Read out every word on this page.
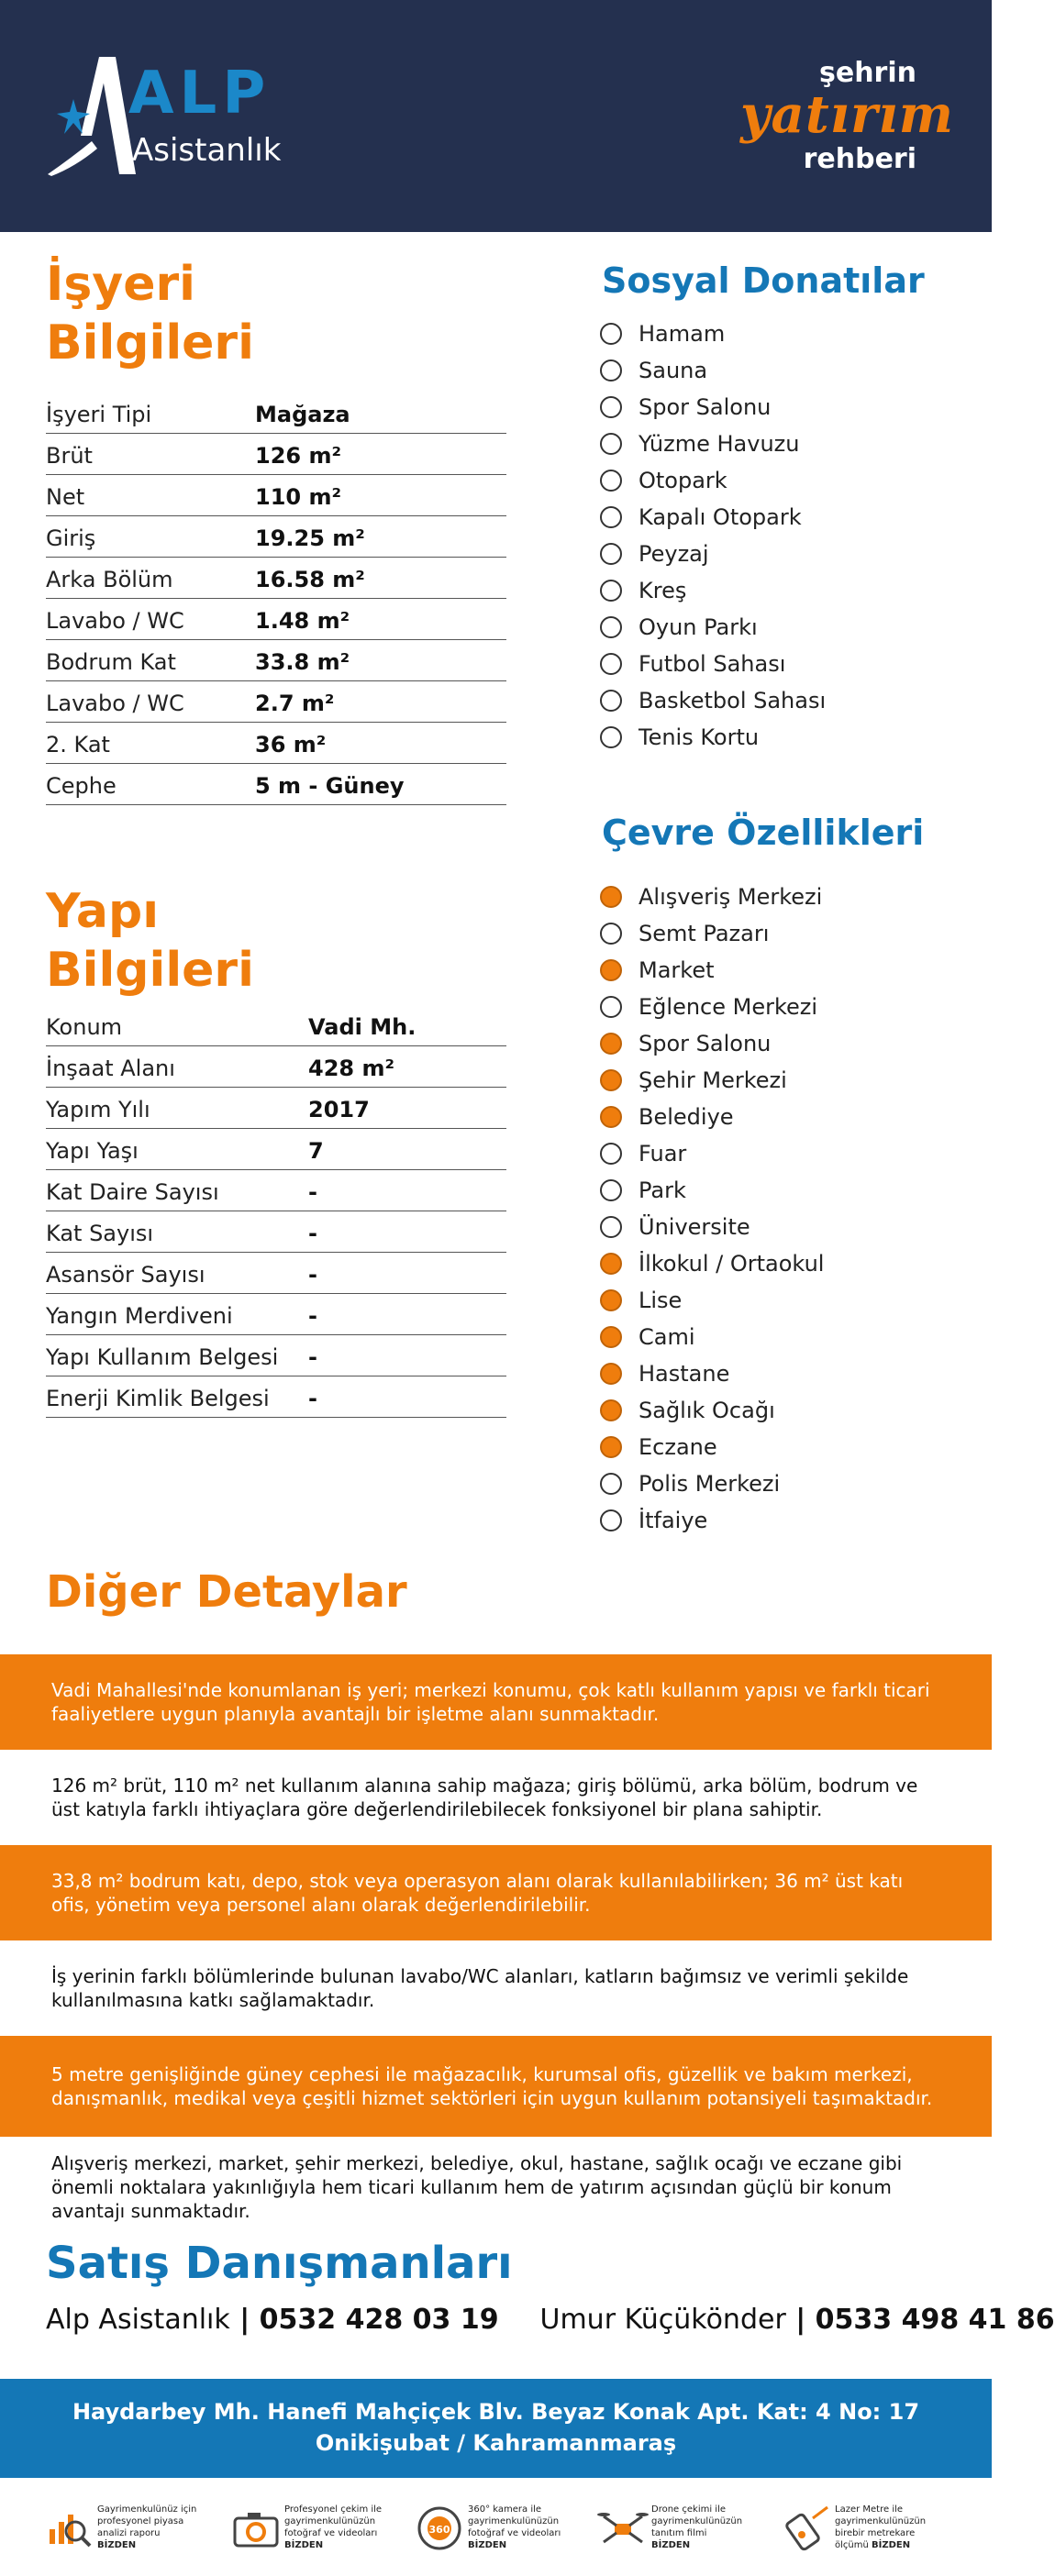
ALP
Asistanlık
şehrin
yatırım
rehberi
İşyeri
Bilgileri
İşyeri Tipi	Mağaza
Brüt	126 m²
Net	110 m²
Giriş	19.25 m²
Arka Bölüm	16.58 m²
Lavabo / WC	1.48 m²
Bodrum Kat	33.8 m²
Lavabo / WC	2.7 m²
2. Kat	36 m²
Cephe	5 m - Güney
Yapı
Bilgileri
Konum	Vadi Mh.
İnşaat Alanı	428 m²
Yapım Yılı	2017
Yapı Yaşı	7
Kat Daire Sayısı	-
Kat Sayısı	-
Asansör Sayısı	-
Yangın Merdiveni	-
Yapı Kullanım Belgesi -
Enerji Kimlik Belgesi -
Sosyal Donatılar
Hamam
Sauna
Spor Salonu
Yüzme Havuzu
Otopark
Kapalı Otopark
Peyzaj
Kreş
Oyun Parkı
Futbol Sahası
Basketbol Sahası
Tenis Kortu
Çevre Özellikleri
Alışveriş Merkezi
Semt Pazarı
Market
Eğlence Merkezi
Spor Salonu
Şehir Merkezi
Belediye
Fuar
Park
Üniversite
İlkokul / Ortaokul
Lise
Cami
Hastane
Sağlık Ocağı
Eczane
Polis Merkezi
İtfaiye
Diğer Detaylar
Vadi Mahallesi'nde konumlanan iş yeri; merkezi konumu, çok katlı kullanım yapısı ve farklı ticari faaliyetlere uygun planıyla avantajlı bir işletme alanı sunmaktadır.
126 m² brüt, 110 m² net kullanım alanına sahip mağaza; giriş bölümü, arka bölüm, bodrum ve üst katıyla farklı ihtiyaçlara göre değerlendirilebilecek fonksiyonel bir plana sahiptir.
33,8 m² bodrum katı, depo, stok veya operasyon alanı olarak kullanılabilirken; 36 m² üst katı ofis, yönetim veya personel alanı olarak değerlendirilebilir.
İş yerinin farklı bölümlerinde bulunan lavabo/WC alanları, katların bağımsız ve verimli şekilde kullanılmasına katkı sağlamaktadır.
5 metre genişliğinde güney cephesi ile mağazacılık, kurumsal ofis, güzellik ve bakım merkezi, danışmanlık, medikal veya çeşitli hizmet sektörleri için uygun kullanım potansiyeli taşımaktadır.
Alışveriş merkezi, market, şehir merkezi, belediye, okul, hastane, sağlık ocağı ve eczane gibi önemli noktalara yakınlığıyla hem ticari kullanım hem de yatırım açısından güçlü bir konum avantajı sunmaktadır.
Satış Danışmanları
Alp Asistanlık | 0532 428 03 19 Umur Küçükönder | 0533 498 41 86
Haydarbey Mh. Hanefi Mahçiçek Blv. Beyaz Konak Apt. Kat: 4 No: 17
Onikişubat / Kahramanmaraş
Gayrimenkulünüz için
profesyonel piyasa
analizi raporu
BİZDEN
Profesyonel çekim ile
gayrimenkulünüzün
fotoğraf ve videoları
BİZDEN
360
360° kamera ile
gayrimenkulünüzün
fotoğraf ve videoları
BİZDEN
Drone çekimi ile
gayrimenkulünüzün
tanıtım filmi
BİZDEN
Lazer Metre ile
gayrimenkulünüzün
birebir metrekare
ölçümü BİZDEN
